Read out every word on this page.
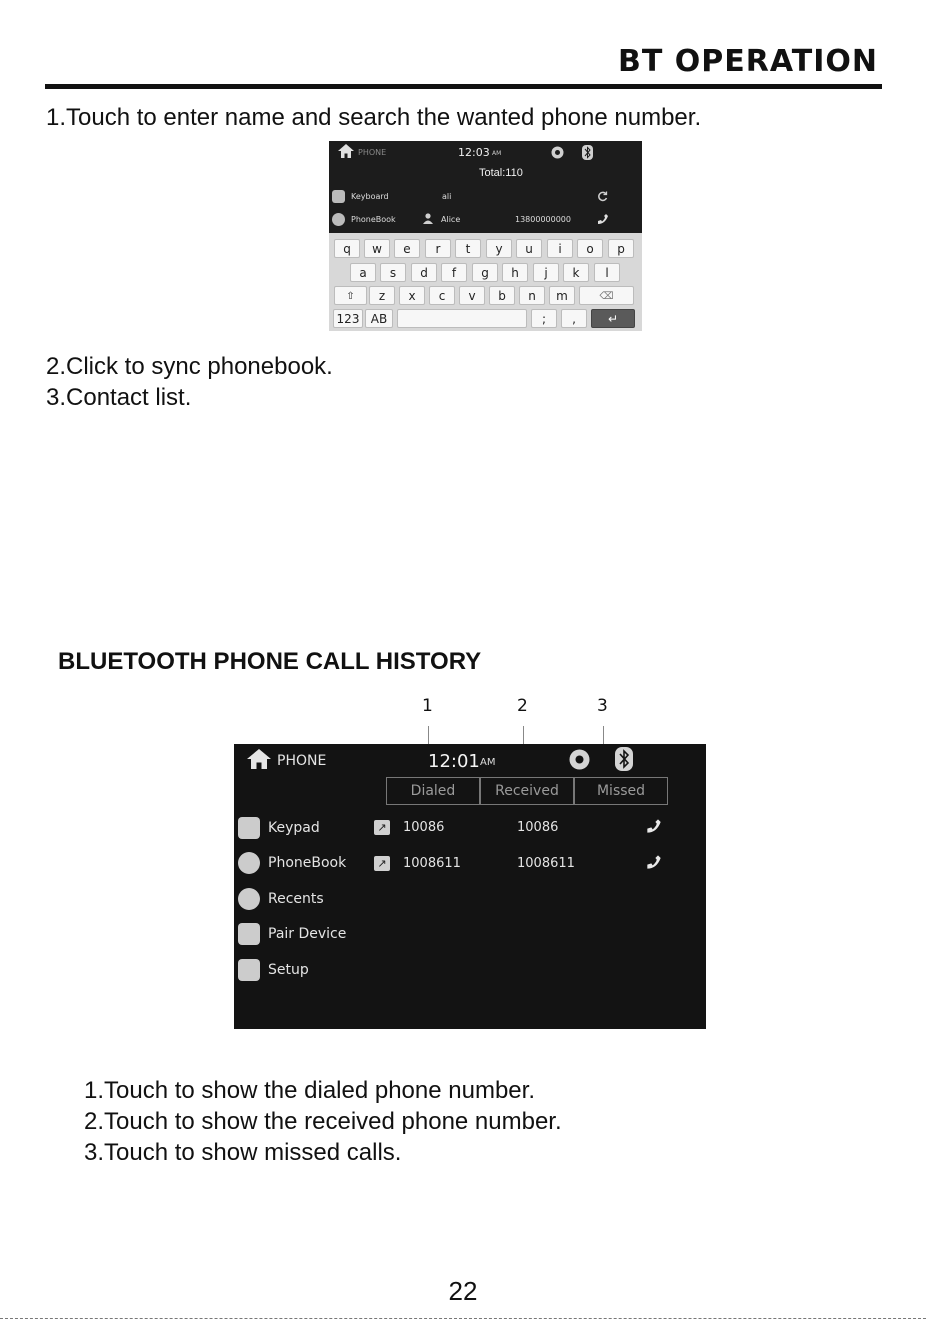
BT OPERATION
1.Touch to enter name and search the wanted phone number.
PHONE	12:03 AM
Total:110
Keyboard	ali
PhoneBook	Alice	13800000000
q	w	e	r	t	y	u	i	o	p
a	s	d	f	g	h	j	k	l
⇧	z	x	c	v	b	n	m	⌫
123 AB	;	,	↵
2.Click to sync phonebook.
3.Contact list.
BLUETOOTH PHONE CALL HISTORY
1	2	3
PHONE	12:01 AM
Dialed	Received	Missed
Keypad
PhoneBook
Recents
Pair Device
Setup
↗ 10086	10086
↗ 1008611	1008611
1.Touch to show the dialed phone number.
2.Touch to show the received phone number.
3.Touch to show missed calls.
22
